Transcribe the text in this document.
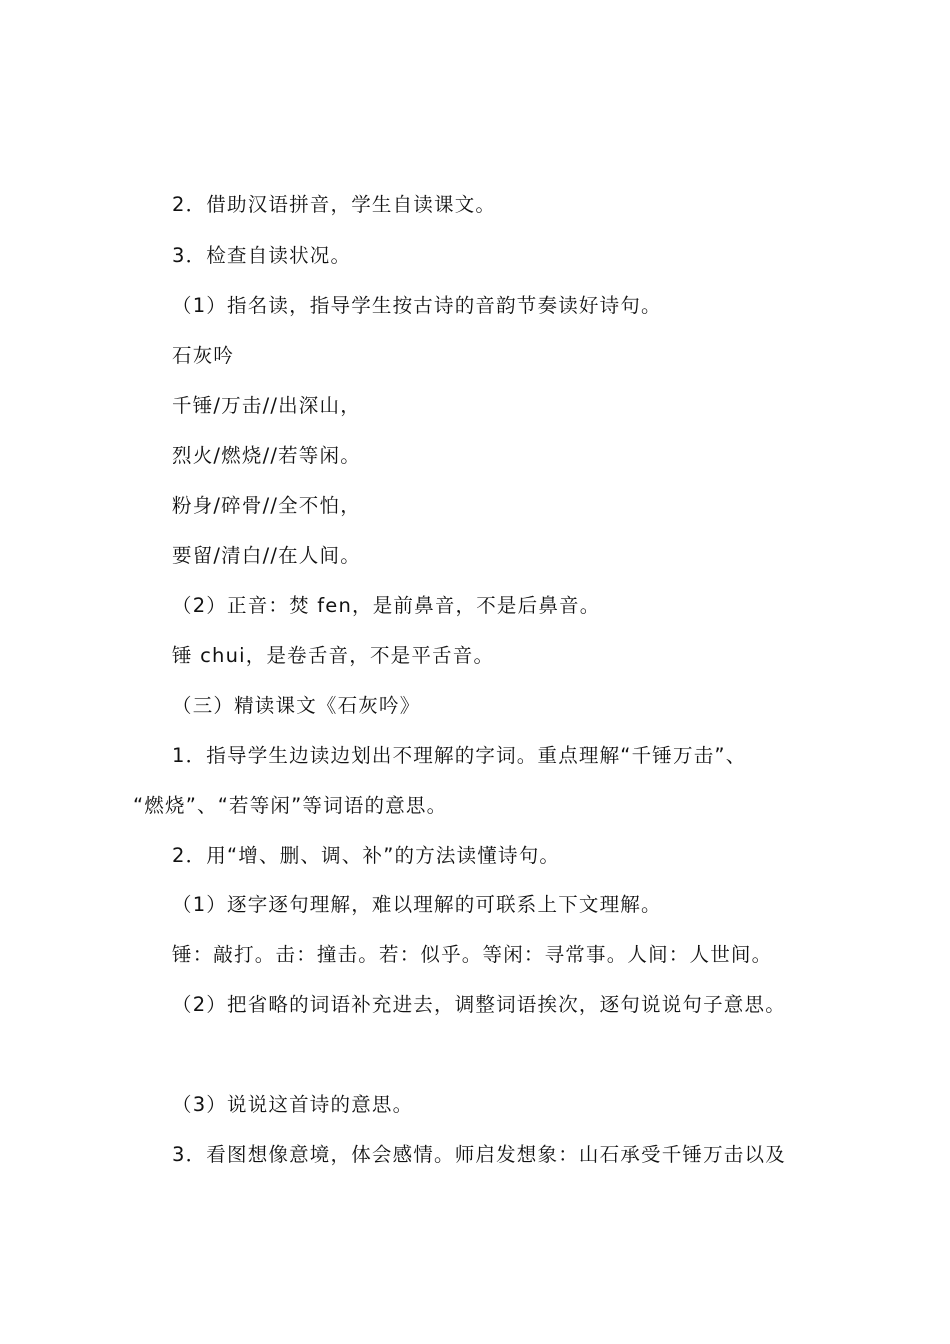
2．借助汉语拼音，学生自读课文。
3．检查自读状况。
（1）指名读，指导学生按古诗的音韵节奏读好诗句。
石灰吟
千锤/万击//出深山，
烈火/燃烧//若等闲。
粉身/碎骨//全不怕，
要留/清白//在人间。
（2）正音：焚 fen，是前鼻音，不是后鼻音。
锤 chui，是卷舌音，不是平舌音。
（三）精读课文《石灰吟》
1．指导学生边读边划出不理解的字词。重点理解“千锤万击”、
“燃烧”、“若等闲”等词语的意思。
2．用“增、删、调、补”的方法读懂诗句。
（1）逐字逐句理解，难以理解的可联系上下文理解。
锤：敲打。击：撞击。若：似乎。等闲：寻常事。人间：人世间。
（2）把省略的词语补充进去，调整词语挨次，逐句说说句子意思。
（3）说说这首诗的意思。
3．看图想像意境，体会感情。师启发想象：山石承受千锤万击以及
